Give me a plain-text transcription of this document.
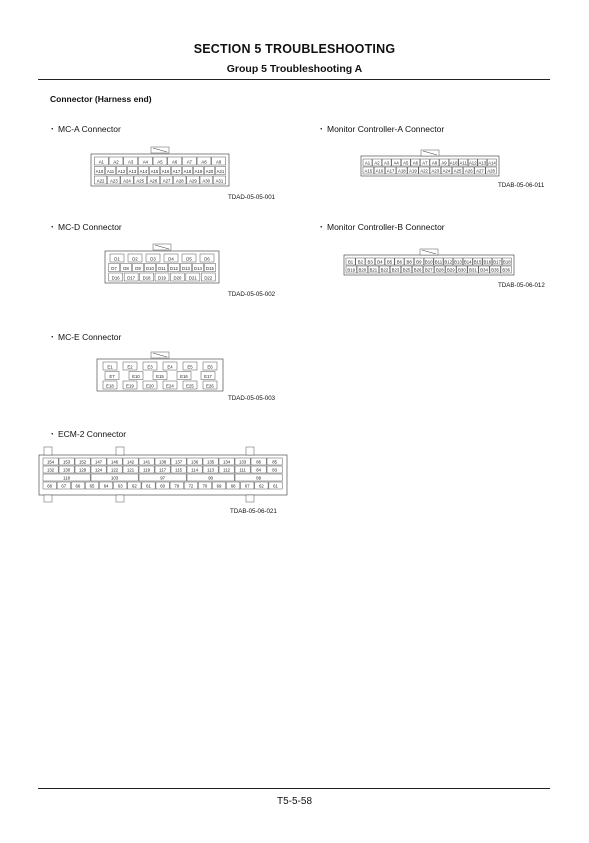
SECTION 5 TROUBLESHOOTING
Group 5 Troubleshooting A
Connector (Harness end)
・MC-A Connector
・MC-D Connector
・MC-E Connector
・ECM-2 Connector
・Monitor Controller-A Connector
・Monitor Controller-B Connector
A1 A2 A3 A4 A5 A6 A7 A8 A9
A10 A11 A12 A13 A14 A15 A16 A17 A18 A19 A20 A21
A22 A23 A24 A25 A26 A27 A28 A29 A30 A31
D1	D2	D3	D4	D5	D6
D7 D8 D9 D10 D11 D12 D13 D14 D15
D16 D17 D18 D19 D20 D21 D22
E1	E2	E3	E4	E5	E6
E7	E10	E15	E16	E17
E18	E19	E20	E24	E25	E26
154 153 152 147 146 142 141 138 137 136 135 134 133 86	85
132 130 129 124 122 121 119 117 115 114 113 112 111 84	83
118	103	97	90	89
68 67 66 65 64 63 62 61 60 79 72 70 69 68 67 62 61
A1 A2 A3 A4 A5 A6 A7 A8 A9 A10 A11 A12 A13 A14
A15 A16 A17 A18 A19 A22 A23 A24 A25 A26 A27 A28
B1 B2 B3 B4 B5 B6 B8 B9 B10 B11 B12 B13 B14 B15 B16 B17 B18
B19 B20 B21 B22 B23 B25 B26 B27 B28 B29 B30 B31 B34 B35 B36
TDAD-05-05-001
TDAD-05-05-002
TDAD-05-05-003
TDAB-05-06-021
TDAB-05-06-011
TDAB-05-06-012
T5-5-58
